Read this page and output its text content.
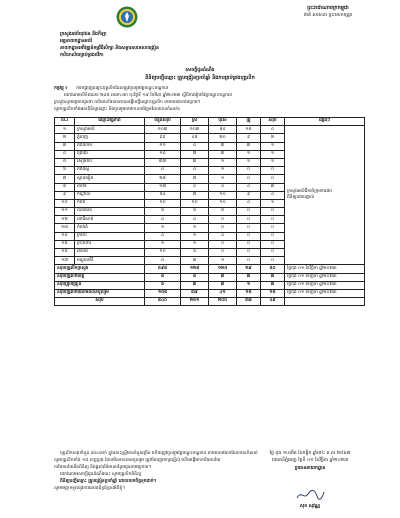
ព្រះរាជាណាចក្រកម្ពុជា
ជាតិ សាសនា ព្រះមហាក្សត្រ
ក្រសួងអប់រំយុវជន និងកីឡា
អគ្គនាយកដ្ឋានអប់រំ
នាយកដ្ឋានអភិវឌ្ឍន៍កម្មវិធីសិក្សា និងសម្ភារឧបទេសបង្រៀន
ការិយាល័យគ្រប់គ្រងថវិកា
សេចក្ដីជូនដំណឹង
ពិនិត្យបញ្ជីឈ្មោះ គ្រូបង្រៀនប្រចាំឆ្នាំ និងការគ្រប់គ្រងបុគ្គលិក
កម្មវត្ថុ ៖ ការបង្ហាញឈ្មោះបុគ្គលិកដែលត្រូវចូលរួមវគ្គបណ្ដុះបណ្ដាល
យោងតាមលិខិតលេខ ២៤៥ អយក.អក ចុះថ្ងៃទី ១៩ ខែមីនា ឆ្នាំ២០២៣ ស្ដីពីការរៀបចំវគ្គបណ្ដុះបណ្ដាល
ក្រសួងសូមជម្រាបជូនថា ការិយាល័យនានាបានផ្ញើបញ្ជីឈ្មោះបុគ្គលិក តាមតារាងខាងក្រោម។
សូមបុគ្គលិកទាំងអស់ពិនិត្យឈ្មោះ និងចូលរួមតាមកាលបរិច្ឆេទដែលបានកំណត់៖
ល.រ	ឈ្មោះអង្គភាព	ចំនួនសរុប	ស្រី	បុរស	គ្រូ	សរុប	ផ្សេងៗ
១	ក្រសួងអប់រំ	១០៣	១០៣	៨៤	១៥	៤	ក្រសួងអប់រំដឹកនាំក្រុមការងារ
ពិនិត្យដោយផ្ទាល់

២	ភ្នំពេញ	៩៩	៤៨	២០	៩	២	
៣	កំពង់ចាម	១១	៤	៣	៣	១	
៤	ព្រៃវែង	១៤	៧	៣	១	១	
៥	សៀមរាប	៣៣	៣	១	១	១	
៦	កំពង់ស្ពឺ	៤	៤	១	០	០	
៧	ស្វាយរៀង	២៨	៧	១	០	០	
៨	តាកែវ	១៧	៤	៤	៤	៣	
៩	កណ្ដាល	៦៤	៧	១០	៩	៤	
១០	កំពត	១០	១០	១០	៤	១	
១១	បាត់ដំបង	៦	៦	៥	០	០	
១២	ពោធិ៍សាត់	៤	៤	០	០	០	
១៣	កំពង់ធំ	១	១	០	០	០	
១៤	ក្រចេះ	៤	១	៤	០	០	
១៥	ព្រះវិហារ	១	១	០	០	០	
១៦	រតនគិរី	១០	៦	០	០	០	
១៧	មណ្ឌលគិរី	៤	៣	១	០	០	
សរុបបុគ្គលិកក្រសួង		៥៩៨	១២៨	១២៥	២៩	៥០	ថ្ងៃពុធ ០១ ខែវិច្ឆិកា ឆ្នាំ២០២៣
សរុបបុគ្គលិកខេត្ត		៨	៨	៣	៣	៣	ថ្ងៃពុធ ០១ ខែវិច្ឆិកា ឆ្នាំ២០២៣
សរុបគ្រូបង្រៀន		៦	៣	៣	១	៣	ថ្ងៃពុធ ០១ ខែវិច្ឆិកា ឆ្នាំ២០២៣
សរុបបុគ្គលិកដែលមិនបានចូលរួម		១៥៨	៣៩	៤១	១៥	១៥	ថ្ងៃពុធ ០១ ខែវិច្ឆិកា ឆ្នាំ២០២៣
សរុប		៨៤០	២៥១	២០០	៣៨	៤៩	
បុគ្គលិកសរុបចំនួន ៨៤០នាក់ ក្នុងនោះស្ត្រីមានចំនួនច្រើន ហើយត្រូវចូលរួមវគ្គបណ្ដុះបណ្ដាល តាមពេលវេលាដែលបានកំណត់
សូមបុគ្គលិកទាំង ១៥ ខេត្តក្រុង ដែលមិនទាន់បានចូលរួម ត្រូវបំពេញពាក្យស្នើសុំ ហើយផ្ញើមកការិយាល័យ
ការិយាល័យនឹងពិនិត្យ និងផ្តល់ព័ត៌មានបន្ថែមជូនតាមក្រោយ។
យោងតាមសេចក្ដីជូនដំណឹងនេះ សូមបុគ្គលិកពិនិត្យ
ពិនិត្យបញ្ជីឈ្មោះ គ្រូបង្រៀនប្រចាំឆ្នាំ ដោយយកចិត្តទុកដាក់។
សូមមេត្តាទទួលនូវការគោរពដ៏ខ្ពង់ខ្ពស់អំពីខ្ញុំ។
ថ្ងៃ ពុធ ១០កើត ខែកត្តិក ឆ្នាំថោះ ព.ស ២៥៦៧
រាជធានីភ្នំពេញ ថ្ងៃទី ០១ ខែវិច្ឆិកា ឆ្នាំ២០២៣
ប្រធាននាយកដ្ឋាន
សុខ សុវណ្ណ
